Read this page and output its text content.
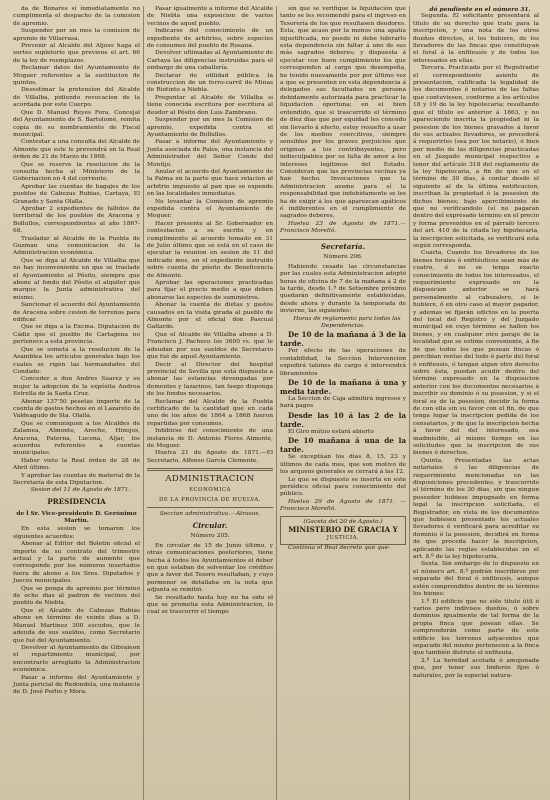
da de Bonares si inmediatamente no cumplimenta el despacho de la comision de apremio.

Suspender por un mes la comision de apremio de Villarrasa.

Prevenir al Alcalde del Aljoso haga el sorteo supletorio que previene el art. 66 de la ley de reemplazos.

Reclamar datos del Ayuntamiento de Moguer referentes a la sustitucion de quintos.

Desestimar la pretension del Alcalde de Villalba, pidiendo revocacion de la acordada por este Cuerpo.

Que D. Manuel Reyes Fora, Concejal del Ayuntamiento de S. Bartolomé, remita copia de su nombramiento de Fiscal municipal.

Contestar a una consulta del Alcalde de Almonte que este le prevendrá en la Real órden de 21 de Marzo de 1868.

Que se reserve la resolucion de la consulta hecha al Ministerio de la Gobernacion en 4 del corriente.

Aprobar las cuentas de bagajes de los pueblos de Cabezas Rubias, Cartaya, El Granado y Santa Olalla.

Aprobar 2 expedientes de fallidos de territorial de los pueblos de Aracena y Bollullos, correspondientes al año 1867-68.

Trasladar al Alcalde de la Puebla de Guzman una comunicacion de la Administracion económica.

Que se diga al Alcalde de Villalba que no hay inconveniente en que se traslade el Ayuntamiento al Pósito, siempre que abone al fondo del Pósito el alquiler que marque la Junta administrativa del mismo.

Sancionar el acuerdo del Ayuntamiento de Aracena sobre cesion de terrenos para edificar.

Que se diga a la Excma. Diputacion de Cádiz que el pueblo de Cartagena no pertenece a esta provincia.

Que se someta a la resolucion de la Asamblea los artículos generales bajo los cuales se rigen las hermandades del Condado.

Conceder a don Andres Suarez y su mujer la adopcion de la expósita Andrea Estrella de la Santa Cruz.

Abonar 137'50 pesetas importe de la cuenta de gastos hechos en el Lazareto de Valdeagudo de Sta. Olalla.

Que se comuniquen a los Alcaldes de Zalamea, Almonte, Aroche, Hinojos, Aracena, Paterna, Lucena, Aljar, los acuerdos referentes a cuentas municipales.

Haber visto la Real órden de 28 de Abril último.

Y aprobar las cuentas de material de la Secretaría de esta Diputacion.

Sesion del 11 de Agosto de 1871.

PRESIDENCIA
de l Sr. Vice-presidente D. Gerónimo Martin.

En esta sesion se tomaron los siguientes acuerdos:

Abonar al Editor del Boletin oficial el importe de su contrato del trimestre actual y la parte de aumento que corresponde por los números insertados fuera de abono a los Sres. Diputados y Jueces municipales.

Que se ponga de apremio por término de ocho dias al padron de vecinos del pueblo de Niebla.

Que el Alcalde de Cabezas Rubias abone en término de veinte dias a D. Manuel Martinez 300 escudos, que le adeuda de sus sueldos, como Secretario que fué del Ayuntamiento.

Devolver al Ayuntamiento de Gibraleon el repartimiento municipal, por encontrarlo arreglado la Administracion económica.

Pasar a informe del Ayuntamiento y Junta pericial de Redondela, una instancia de D. José Porlio y Mora.

Pasar igualmente a informe del Alcalde de Niebla una exposicion de varios vecinos de aquel pueblo.

Indicarse del conocimiento de un expediente de arbitrios, sobre especies de consumos del pueblo de Rosana.

Devolver ultimadas al Ayuntamiento de Cartaya las diligencias instruidas para el embargo de una caballería.

Declarar de utilidad pública la construccion de un ferro-carril de Minas de Riotinto a Niebla.

Preguntar al Alcalde de Villalba si tiene conocida escritura por escritura al deudor al Pósito don Luis Zambrano.

Suspender por un mes la Comision de apremio, expedida contra el Ayuntamiento de Bollullos.

Pasar a informe del Ayuntamiento y Junta asociada de Palos, una instancia del Administrador del Señor Conde del Montijo.

Anular el acuerdo del Ayuntamiento de la Palma en la parte que hace relacion al arbitrio impuesto al pan que se expende en las localidades inmediatas.

No levantar la Comision de apremio expedida contra el Ayuntamiento de Moguer.

Hacer presente al Sr. Gobernador en contestacion a su escrito y en cumplimiento al acuerdo tomado en 31 de Julio último que se está en el caso de ejecutar la reunion en sesion de 11 del indicado mes, en el expediente instruido sobre cuenta de pósito de Beneficencia de Almonte.

Aprobar las operaciones practicadas para fijar el precio medio a que deben abonarse las especies de suministros.

Abonar la cuenta de dietas y gastos causados en la visita girada al pueblo de Almonte por el oficial don Pascual Gallardo.

Que el Alcalde de Villalba abone a D. Francisco J. Pacheco los 3600 rs. que le adeudan por sus sueldos de Secretario que fué de aquel Ayuntamiento.

Decir al Director del hospital provincial de Sevilla que está dispuesta a abonar las estancias devengadas por dementes y lazarinos, tan luego disponga de los fondos necesarios.

Reclamar del Alcalde de la Puebla certificado de la cantidad que en cada uno de los años de 1864 a 1868 fueron repartidas por consumos.

Inhibirse del conocimiento de una instancia de D. Antonio Flores Almonte, de Moguer.

Huelva 21 de Agosto de 1871.—El Secretario, Alfonso García Clemente.

ADMINISTRACION
ECONÓMICA
DE LA PROVINCIA DE HUELVA.
Seccion administrativa.—Atrasos.
Circular.
Número 205.

En circular de 15 de Junio último, y otras comunicaciones posteriores, tiene hecha á todos los Ayuntamientos el deber en que estaban de solventar los créditos que a favor del Tesoro resultaban, y cuyo pormenor se detallaba en la nota que adjunta se remitió.

Se resultado hasta hoy no ha sido el que se prometia esta Administracion, lo cual se trascurrir el tiempo

sin que se verifique la liquidacion que tanto se les recomendó para el ingreso en Tesorería de los que resultasen deudores. Esta, que acaso por la menos una apatía injustificada, no puede ni debe tolerarlo esta dependencia sin faltar á uno de sus más sagrados deberes; y dispuesta á ejecutar con buen cumplimiento los que corresponden al cargo que desempeña, he tenido nuevamente por por último vez a que se presenten en esta dependencia á delegados sus facultados en persona debidamente autorizada para practicar la liquidacion oportuna; en el bien entendido, que si trascurrido el término de diez días que por equidad les concedo sin llevarlo á efecto, estoy resuelto a usar de los medios coercitivos, siempre sensibles por los graves perjuicios que originan a los contribuyentes, pero indisculpables por su falta de amor a los intereses legítimos del Estado. Consideran que las provincias vecinas ya han hecho. Invocaciones que la Administracion asume para sí la responsabilidad que indebidamente se les ha de exigir á los que aparezcan apáticos é indiferentes en el cumplimiento de sagrados deberes.

Huelva 23 de Agosto de 1871.—Francisco Morelló.

Secretaría.
Número 206.

Habiendo cesado las circunstancias por las cuales esta Administracion adoptó horas de oficina de 7 de la mañana á 2 de la tarde, desde 1.º de Setiembre próximo quedarán definitivamente establecidas, desde ahora y durante la temporada de invierno, las siguientes:

Horas de reglamento para todas las Dependencias.

De 10 de la mañana á 3 de la tarde.

Por efecto de las operaciones de contabilidad, la Seccion Intervencion expedirá talones de cargo é intervendrá libramientos

De 10 de la mañana á una y media tarde.

La Seccion de Caja admitirá ingresos y hará pagos

Desde las 10 á las 2 de la tarde.

El Giro mútuo estará abierto

De 10 mañana á una de la tarde.

Se exceptúan los dias 8, 15, 23 y últimos de cada mes, que son motivo de los arqueos generales se cerrará á las 12.

Lo que se dispuesto se inserta en este periódico oficial para conocimiento del público.

Huelva 29 de Agosto de 1871. —Francisco Morelló.

(Gaceta del 20 de Agosto.)
MINISTERIO DE GRACIA Y
JUSTICIA.

Continúa el Real decreto que que-

dó pendiente en el número 31.

Segunda. El solicitante presentará al titulo de su derecho que trate para la inscripcion, y una nota de los otros dueños directos, si los hubiere, de los llevadores de las fincas que constituyan el foral á la enfiteusis y de todos los interesados en ellas.

Tercera. Practicado por el Registrador el correspondiente asiento de presentacion, calificada la legalidad de los documentos é notarios de las faltas que contuviesen, conforme a los artículos 18 y 19 de la ley hipotecaria; resultando que el título es anterior á 1863, y no apareciendo inscrita la propiedad ni la posesion de los bienes gravados á favor de sus actuales llevadores, se procederá á requerirles (sea por los notario), ó bien por medio de las diligencias practicadas en el Juzgado municipal respectivo a tenor del artículo 318 del reglamento de la ley hipotecaria, a fin de que en el término de 30 días, á contar desde el siguiente al de la última notificacion, inscriban la propiedad ó la posesion de dichos bienes; bajo apercibimiento de que no verificandolo (sí no pagaran dentro del expresado término en el precio y forma prevenidos en el párrafo tercero del art. 410 de la citada ley hipotecaria, la inscripcion solicitada, se verificará esta según corresponda.

Cuarta. Cuando los llevadores de los bienes forales ó enfitéuticos sean más de cuatro, ó no se tenga exacto conocimiento de todos los interesados, el requerimiento expresado en la disposicion anterior se hará personalmente al cabezalero, si le hubiere, ó en otro caso al mayor pagador, y ademas se fijarán edictos en la puerta del local del Registro y del Juzgado municipal en cuyo término se hallen los bienes, y en cualquier otro paraje de la localidad que se estime conveniente, á fin de que todos los que posean fincas ó percibian rentas del todo ó parte del foral ó enfiteusis, ó tengan algun otro derecho sobre ésta, puedan acudir dentro del término expresado en la disposicion anterior con los documentos necesarios á inscribir su dominio ó su posesion, y si el foral es de la posesion, decidir la forma de con ella sin su favor con el fin, de que tenga lugar la inscripcion pedida de los censatarios, y de que la inscripcion hecha á favor del del interesado, sea inadmisible, al mismo tiempo en las solicitudes que la inscripcion de sus bienes ó derechos.

Quinta. Presentadas las actas notariales ó las diligencias de requerimiento mencionadas en las disposiciones precedentes, y trascurrido el término de los 30 dias, sin que ningun poseedor hubiese impugnado en forma legal la inscripcion solicitada, el Registrador, en vista de los documentos que hubiesen presentado los actuales llevadores ó verificará para acreditar su dominio ó la posesion, decidirá en forma de que proceda hacer la inscripcion, aplicando las reglas establecidas en el art. 8.º de la ley hipotecaria.

Sexta. Sin embargo de lo dispuesto en el número art. 8.º podrán inscribirse por separado del foral ó enfiteusis, aunque estén comprendidos dentro de su término los bienes:

1.º El edificio que no sólo titulo útil ó varios pero indivisos dueños, ó sobre dominios igualmente de tal forma de la propia finca que posean ellas. Se comprenderán como parte de este edificio los terrenos adyacentes que separado del mismo pertenecen a la finca que también distrute el enfiteuta.

2.º La heredad acotada ó amojonada que, por tener sus linderos fijos ó naturales, por la especial natura-
